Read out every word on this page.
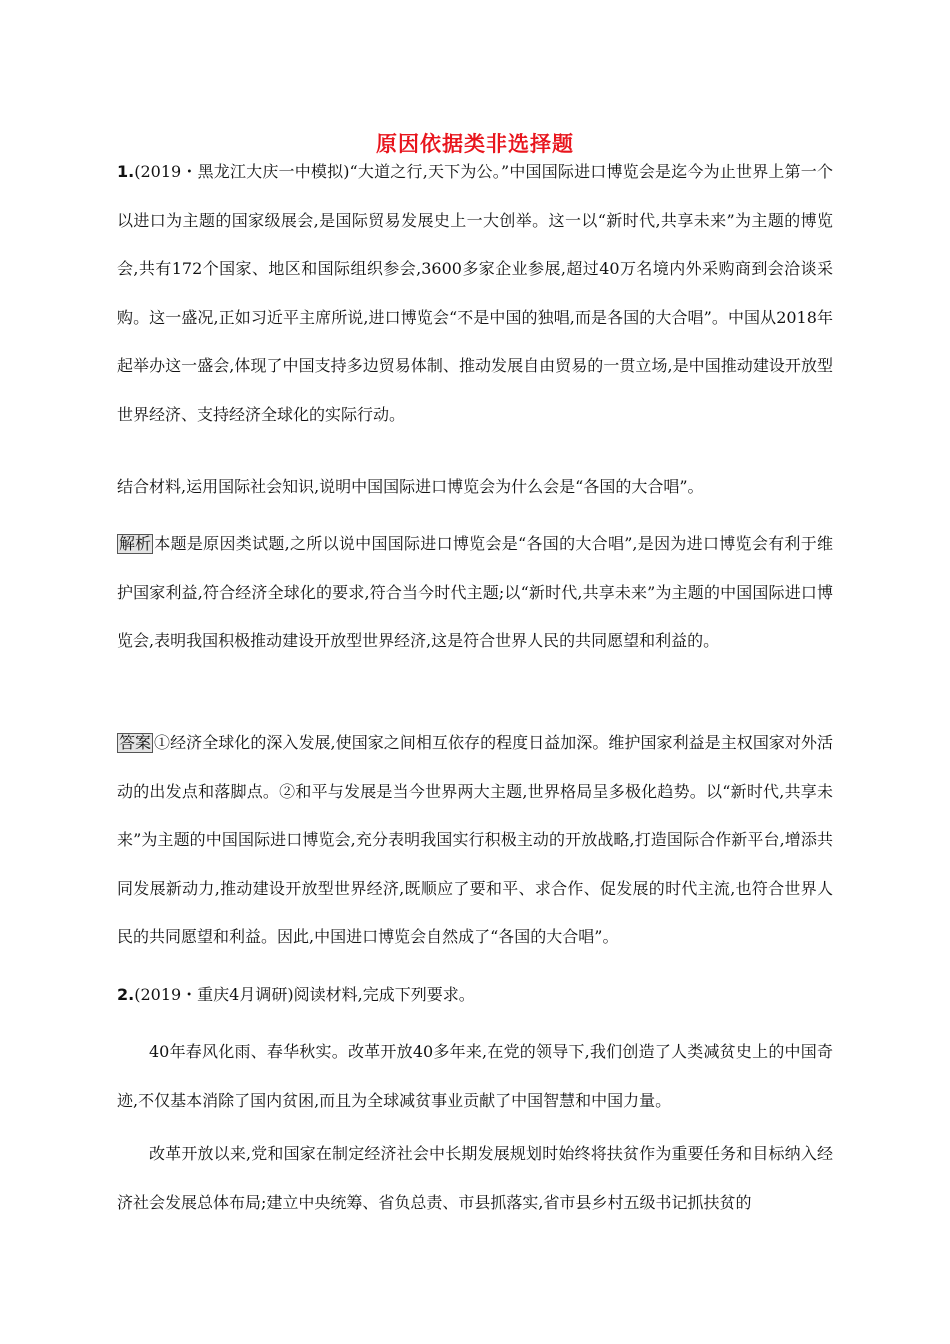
原因依据类非选择题

1.(2019・黑龙江大庆一中模拟)“大道之行,天下为公。”中国国际进口博览会是迄今为止世界上第一个以进口为主题的国家级展会,是国际贸易发展史上一大创举。这一以“新时代,共享未来”为主题的博览会,共有172个国家、地区和国际组织参会,3600多家企业参展,超过40万名境内外采购商到会洽谈采购。这一盛况,正如习近平主席所说,进口博览会“不是中国的独唱,而是各国的大合唱”。中国从2018年起举办这一盛会,体现了中国支持多边贸易体制、推动发展自由贸易的一贯立场,是中国推动建设开放型世界经济、支持经济全球化的实际行动。

结合材料,运用国际社会知识,说明中国国际进口博览会为什么会是“各国的大合唱”。

解析 本题是原因类试题,之所以说中国国际进口博览会是“各国的大合唱”,是因为进口博览会有利于维护国家利益,符合经济全球化的要求,符合当今时代主题;以“新时代,共享未来”为主题的中国国际进口博览会,表明我国积极推动建设开放型世界经济,这是符合世界人民的共同愿望和利益的。

答案 ①经济全球化的深入发展,使国家之间相互依存的程度日益加深。维护国家利益是主权国家对外活动的出发点和落脚点。②和平与发展是当今世界两大主题,世界格局呈多极化趋势。以“新时代,共享未来”为主题的中国国际进口博览会,充分表明我国实行积极主动的开放战略,打造国际合作新平台,增添共同发展新动力,推动建设开放型世界经济,既顺应了要和平、求合作、促发展的时代主流,也符合世界人民的共同愿望和利益。因此,中国进口博览会自然成了“各国的大合唱”。

2.(2019・重庆4月调研)阅读材料,完成下列要求。

40年春风化雨、春华秋实。改革开放40多年来,在党的领导下,我们创造了人类减贫史上的中国奇迹,不仅基本消除了国内贫困,而且为全球减贫事业贡献了中国智慧和中国力量。

改革开放以来,党和国家在制定经济社会中长期发展规划时始终将扶贫作为重要任务和目标纳入经济社会发展总体布局;建立中央统筹、省负总责、市县抓落实,省市县乡村五级书记抓扶贫的
